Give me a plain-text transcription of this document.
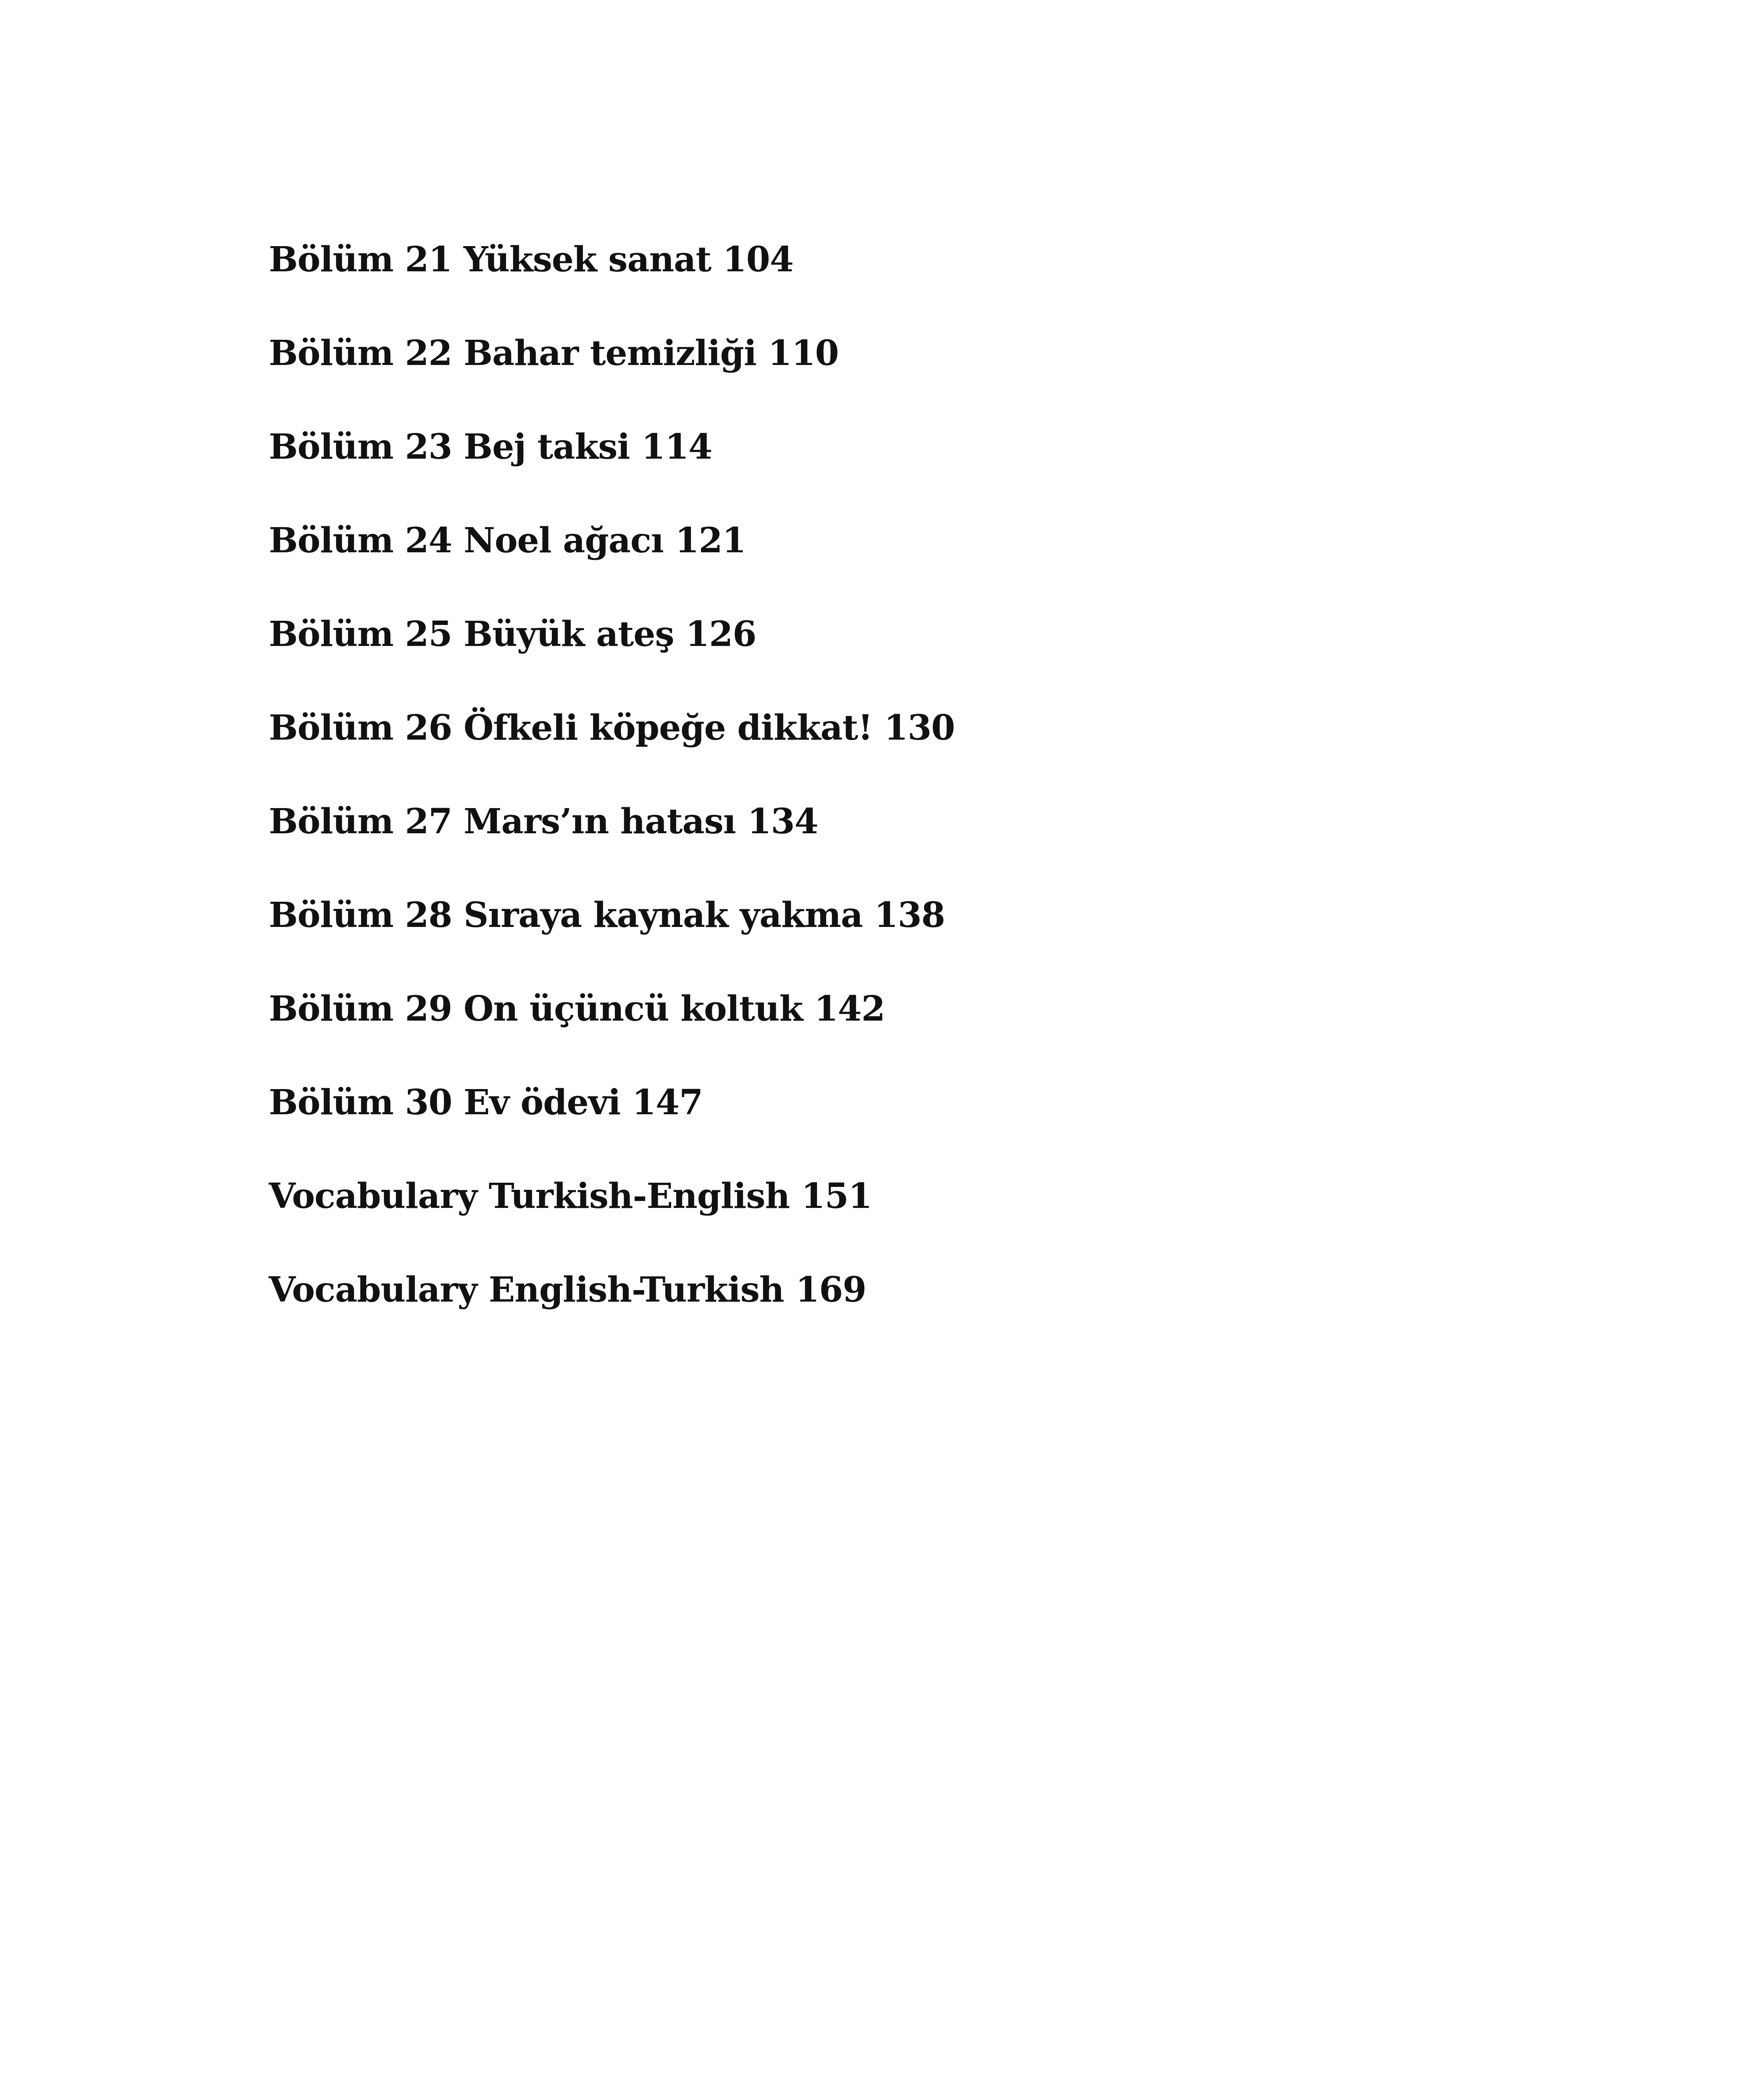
Bölüm 21 Yüksek sanat 104
Bölüm 22 Bahar temizliği 110
Bölüm 23 Bej taksi 114
Bölüm 24 Noel ağacı 121
Bölüm 25 Büyük ateş 126
Bölüm 26 Öfkeli köpeğe dikkat! 130
Bölüm 27 Mars’ın hatası 134
Bölüm 28 Sıraya kaynak yakma 138
Bölüm 29 On üçüncü koltuk 142
Bölüm 30 Ev ödevi 147
Vocabulary Turkish-English 151
Vocabulary English-Turkish 169
